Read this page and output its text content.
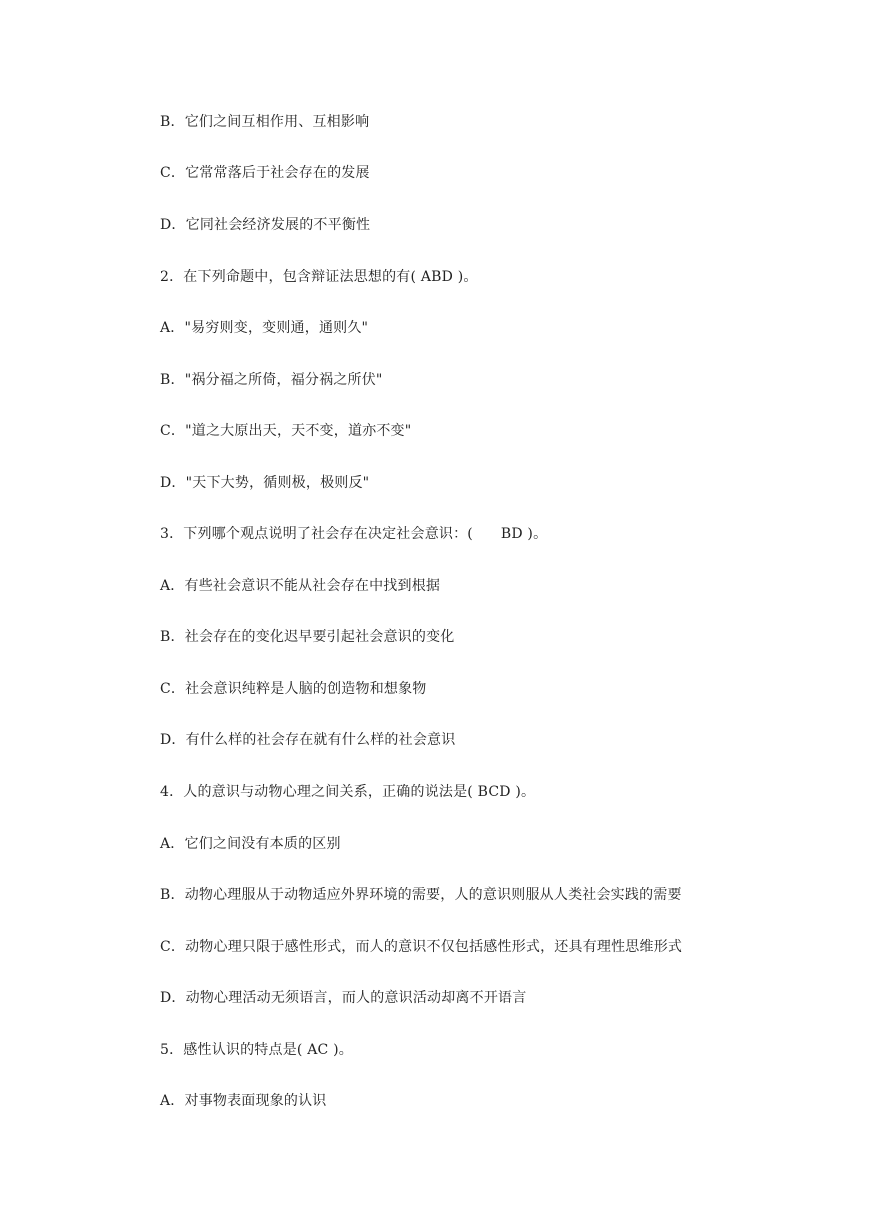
B．它们之间互相作用、互相影响
C．它常常落后于社会存在的发展
D．它同社会经济发展的不平衡性
2．在下列命题中，包含辩证法思想的有( ABD )。
A．"易穷则变，变则通，通则久"
B．"祸分福之所倚，福分祸之所伏"
C．"道之大原出天，天不变，道亦不变"
D．"天下大势，循则极，极则反"
3．下列哪个观点说明了社会存在决定社会意识：(      BD )。
A．有些社会意识不能从社会存在中找到根据
B．社会存在的变化迟早要引起社会意识的变化
C．社会意识纯粹是人脑的创造物和想象物
D．有什么样的社会存在就有什么样的社会意识
4．人的意识与动物心理之间关系，正确的说法是( BCD )。
A．它们之间没有本质的区别
B．动物心理服从于动物适应外界环境的需要，人的意识则服从人类社会实践的需要
C．动物心理只限于感性形式，而人的意识不仅包括感性形式，还具有理性思维形式
D．动物心理活动无须语言，而人的意识活动却离不开语言
5．感性认识的特点是( AC )。
A．对事物表面现象的认识
